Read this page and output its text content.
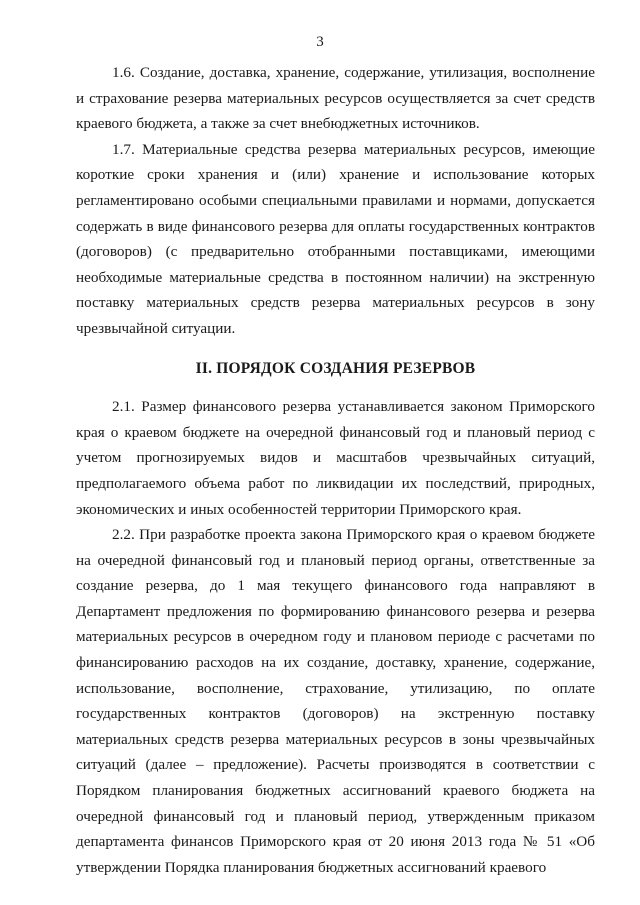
3

1.6. Создание, доставка, хранение, содержание, утилизация, восполнение и страхование резерва материальных ресурсов осуществляется за счет средств краевого бюджета, а также за счет внебюджетных источников.

1.7. Материальные средства резерва материальных ресурсов, имеющие короткие сроки хранения и (или) хранение и использование которых регламентировано особыми специальными правилами и нормами, допускается содержать в виде финансового резерва для оплаты государственных контрактов (договоров) (с предварительно отобранными поставщиками, имеющими необходимые материальные средства в постоянном наличии) на экстренную поставку материальных средств резерва материальных ресурсов в зону чрезвычайной ситуации.

II. ПОРЯДОК СОЗДАНИЯ РЕЗЕРВОВ

2.1. Размер финансового резерва устанавливается законом Приморского края о краевом бюджете на очередной финансовый год и плановый период с учетом прогнозируемых видов и масштабов чрезвычайных ситуаций, предполагаемого объема работ по ликвидации их последствий, природных, экономических и иных особенностей территории Приморского края.

2.2. При разработке проекта закона Приморского края о краевом бюджете на очередной финансовый год и плановый период органы, ответственные за создание резерва, до 1 мая текущего финансового года направляют в Департамент предложения по формированию финансового резерва и резерва материальных ресурсов в очередном году и плановом периоде с расчетами по финансированию расходов на их создание, доставку, хранение, содержание, использование, восполнение, страхование, утилизацию, по оплате государственных контрактов (договоров) на экстренную поставку материальных средств резерва материальных ресурсов в зоны чрезвычайных ситуаций (далее – предложение). Расчеты производятся в соответствии с Порядком планирования бюджетных ассигнований краевого бюджета на очередной финансовый год и плановый период, утвержденным приказом департамента финансов Приморского края от 20 июня 2013 года № 51 «Об утверждении Порядка планирования бюджетных ассигнований краевого
